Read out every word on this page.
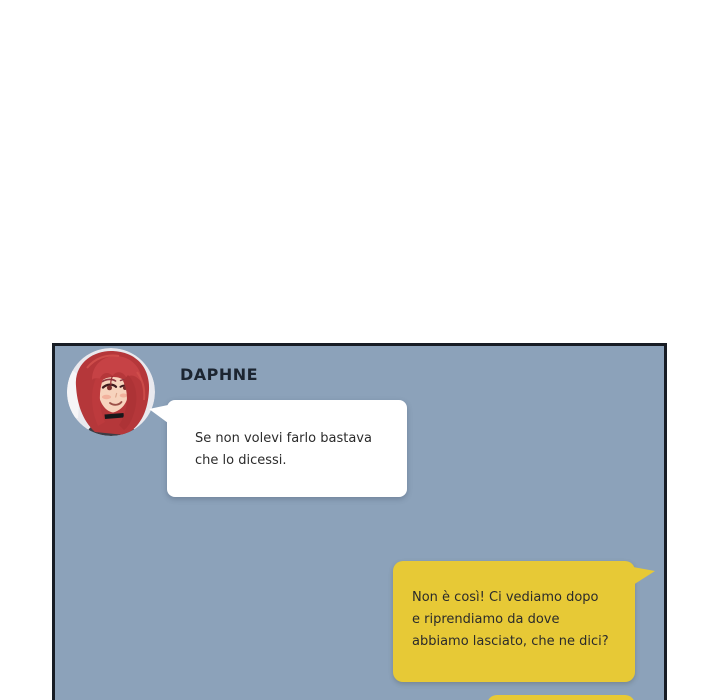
DAPHNE
Se non volevi farlo bastava
che lo dicessi.
Non è così! Ci vediamo dopo
e riprendiamo da dove
abbiamo lasciato, che ne dici?
